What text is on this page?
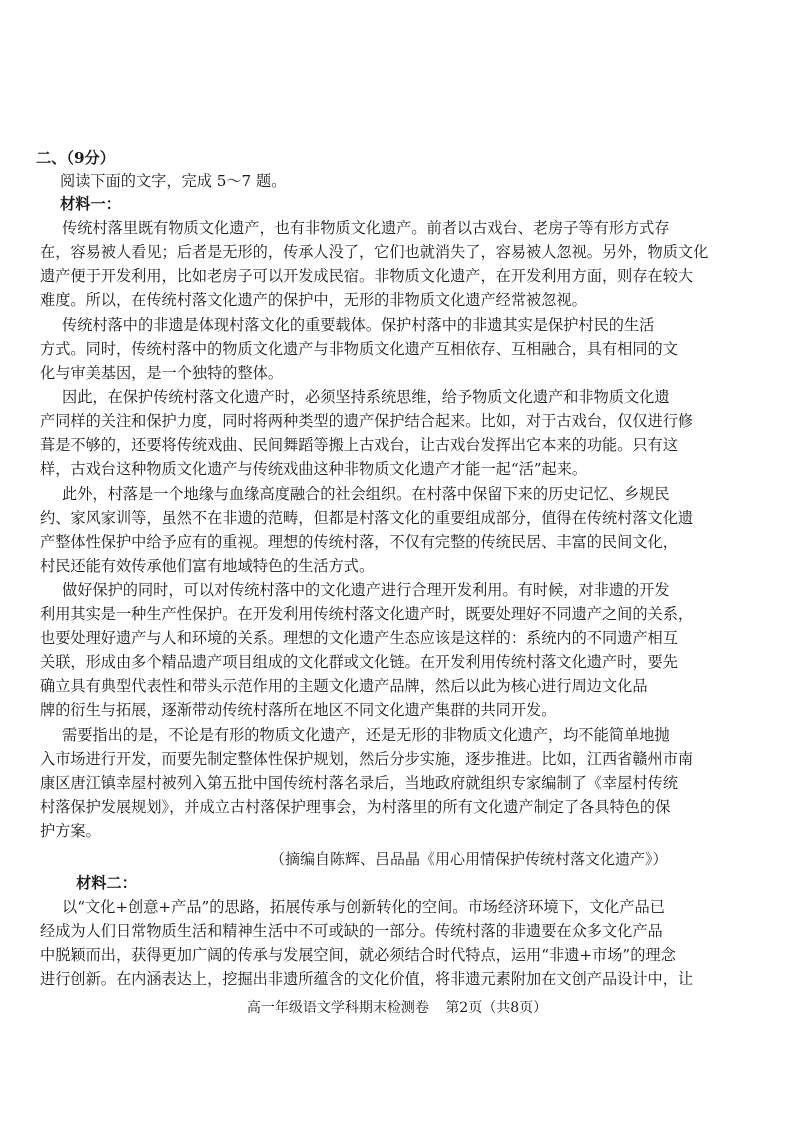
二、（9分）
阅读下面的文字，完成 5～7 题。
材料一：
传统村落里既有物质文化遗产，也有非物质文化遗产。前者以古戏台、老房子等有形方式存
在，容易被人看见；后者是无形的，传承人没了，它们也就消失了，容易被人忽视。另外，物质文化
遗产便于开发利用，比如老房子可以开发成民宿。非物质文化遗产，在开发利用方面，则存在较大
难度。所以，在传统村落文化遗产的保护中，无形的非物质文化遗产经常被忽视。
传统村落中的非遗是体现村落文化的重要载体。保护村落中的非遗其实是保护村民的生活
方式。同时，传统村落中的物质文化遗产与非物质文化遗产互相依存、互相融合，具有相同的文
化与审美基因，是一个独特的整体。
因此，在保护传统村落文化遗产时，必须坚持系统思维，给予物质文化遗产和非物质文化遗
产同样的关注和保护力度，同时将两种类型的遗产保护结合起来。比如，对于古戏台，仅仅进行修
葺是不够的，还要将传统戏曲、民间舞蹈等搬上古戏台，让古戏台发挥出它本来的功能。只有这
样，古戏台这种物质文化遗产与传统戏曲这种非物质文化遗产才能一起“活”起来。
此外，村落是一个地缘与血缘高度融合的社会组织。在村落中保留下来的历史记忆、乡规民
约、家风家训等，虽然不在非遗的范畴，但都是村落文化的重要组成部分，值得在传统村落文化遗
产整体性保护中给予应有的重视。理想的传统村落，不仅有完整的传统民居、丰富的民间文化，
村民还能有效传承他们富有地域特色的生活方式。
做好保护的同时，可以对传统村落中的文化遗产进行合理开发利用。有时候，对非遗的开发
利用其实是一种生产性保护。在开发利用传统村落文化遗产时，既要处理好不同遗产之间的关系，
也要处理好遗产与人和环境的关系。理想的文化遗产生态应该是这样的：系统内的不同遗产相互
关联，形成由多个精品遗产项目组成的文化群或文化链。在开发利用传统村落文化遗产时，要先
确立具有典型代表性和带头示范作用的主题文化遗产品牌，然后以此为核心进行周边文化品
牌的衍生与拓展，逐渐带动传统村落所在地区不同文化遗产集群的共同开发。
需要指出的是，不论是有形的物质文化遗产，还是无形的非物质文化遗产，均不能简单地抛
入市场进行开发，而要先制定整体性保护规划，然后分步实施，逐步推进。比如，江西省赣州市南
康区唐江镇幸屋村被列入第五批中国传统村落名录后，当地政府就组织专家编制了《幸屋村传统
村落保护发展规划》，并成立古村落保护理事会，为村落里的所有文化遗产制定了各具特色的保
护方案。
（摘编自陈辉、吕品晶《用心用情保护传统村落文化遗产》）
材料二：
以“文化+创意+产品”的思路，拓展传承与创新转化的空间。市场经济环境下，文化产品已
经成为人们日常物质生活和精神生活中不可或缺的一部分。传统村落的非遗要在众多文化产品
中脱颖而出，获得更加广阔的传承与发展空间，就必须结合时代特点，运用“非遗+市场”的理念
进行创新。在内涵表达上，挖掘出非遗所蕴含的文化价值，将非遗元素附加在文创产品设计中，让
高一年级语文学科期末检测卷 第2页（共8页）
